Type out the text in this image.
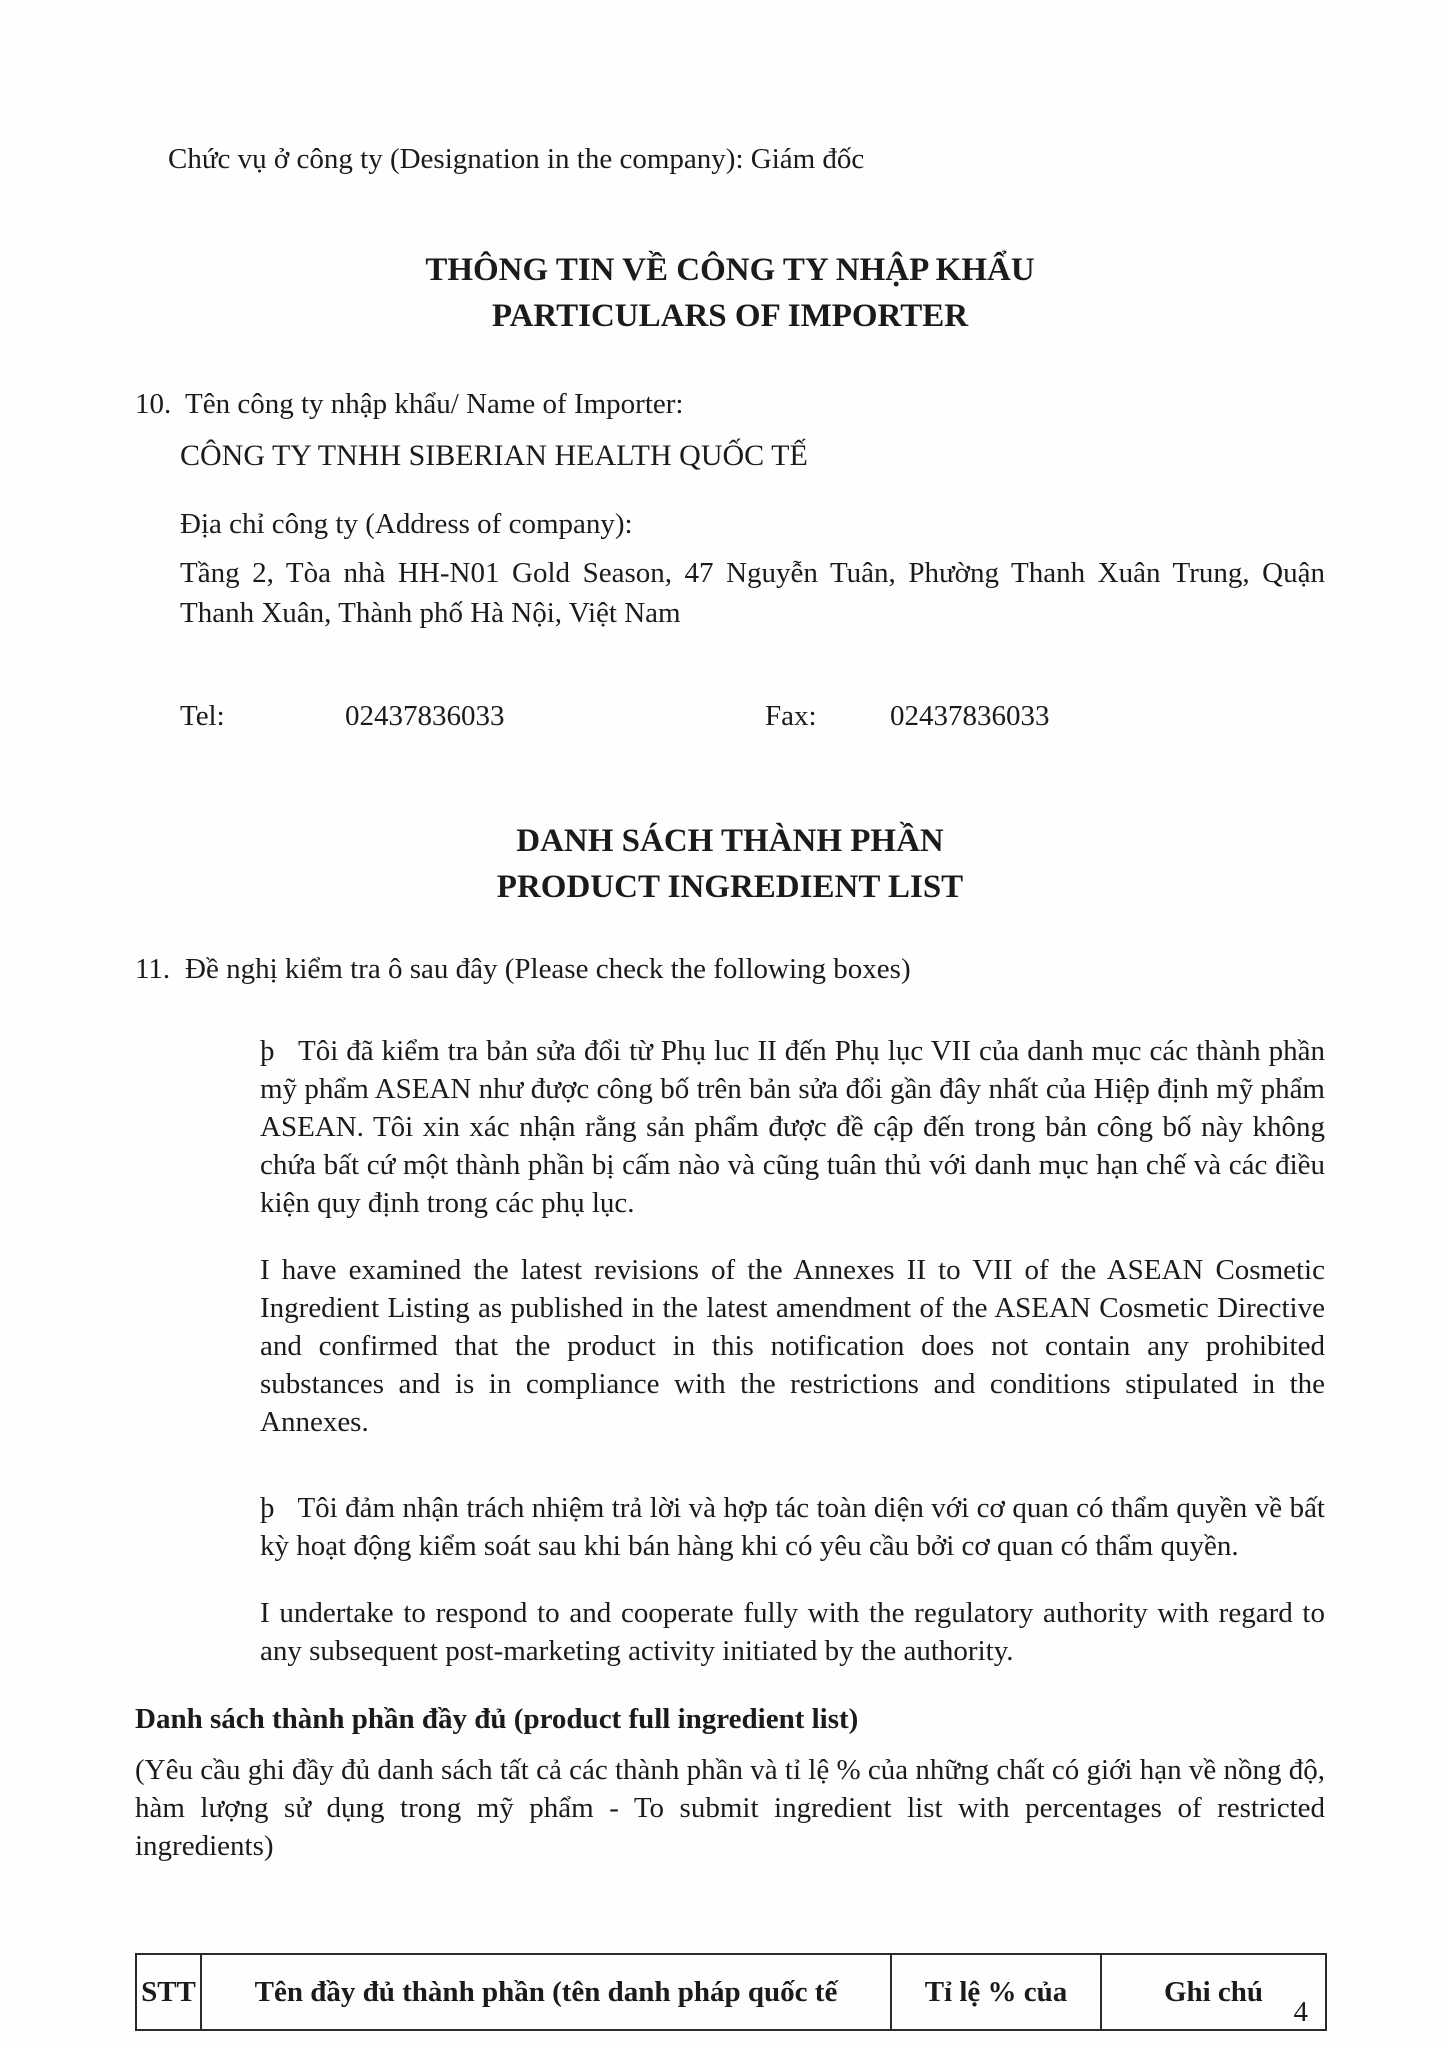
Chức vụ ở công ty (Designation in the company): Giám đốc
THÔNG TIN VỀ CÔNG TY NHẬP KHẨU
PARTICULARS OF IMPORTER
10. Tên công ty nhập khẩu/ Name of Importer:
CÔNG TY TNHH SIBERIAN HEALTH QUỐC TẾ
Địa chỉ công ty (Address of company):
Tầng 2, Tòa nhà HH-N01 Gold Season, 47 Nguyễn Tuân, Phường Thanh Xuân Trung, Quận Thanh Xuân, Thành phố Hà Nội, Việt Nam
Tel:	02437836033	Fax:	02437836033
DANH SÁCH THÀNH PHẦN
PRODUCT INGREDIENT LIST
11. Đề nghị kiểm tra ô sau đây (Please check the following boxes)

þ Tôi đã kiểm tra bản sửa đổi từ Phụ luc II đến Phụ lục VII của danh mục các thành phần mỹ phẩm ASEAN như được công bố trên bản sửa đổi gần đây nhất của Hiệp định mỹ phẩm ASEAN. Tôi xin xác nhận rằng sản phẩm được đề cập đến trong bản công bố này không chứa bất cứ một thành phần bị cấm nào và cũng tuân thủ với danh mục hạn chế và các điều kiện quy định trong các phụ lục.

I have examined the latest revisions of the Annexes II to VII of the ASEAN Cosmetic Ingredient Listing as published in the latest amendment of the ASEAN Cosmetic Directive and confirmed that the product in this notification does not contain any prohibited substances and is in compliance with the restrictions and conditions stipulated in the Annexes.

þ Tôi đảm nhận trách nhiệm trả lời và hợp tác toàn diện với cơ quan có thẩm quyền về bất kỳ hoạt động kiểm soát sau khi bán hàng khi có yêu cầu bởi cơ quan có thẩm quyền.

I undertake to respond to and cooperate fully with the regulatory authority with regard to any subsequent post-marketing activity initiated by the authority.

Danh sách thành phần đầy đủ (product full ingredient list)
(Yêu cầu ghi đầy đủ danh sách tất cả các thành phần và tỉ lệ % của những chất có giới hạn về nồng độ, hàm lượng sử dụng trong mỹ phẩm - To submit ingredient list with percentages of restricted ingredients)
STT	Tên đầy đủ thành phần (tên danh pháp quốc tế	Tỉ lệ % của	Ghi chú
4
